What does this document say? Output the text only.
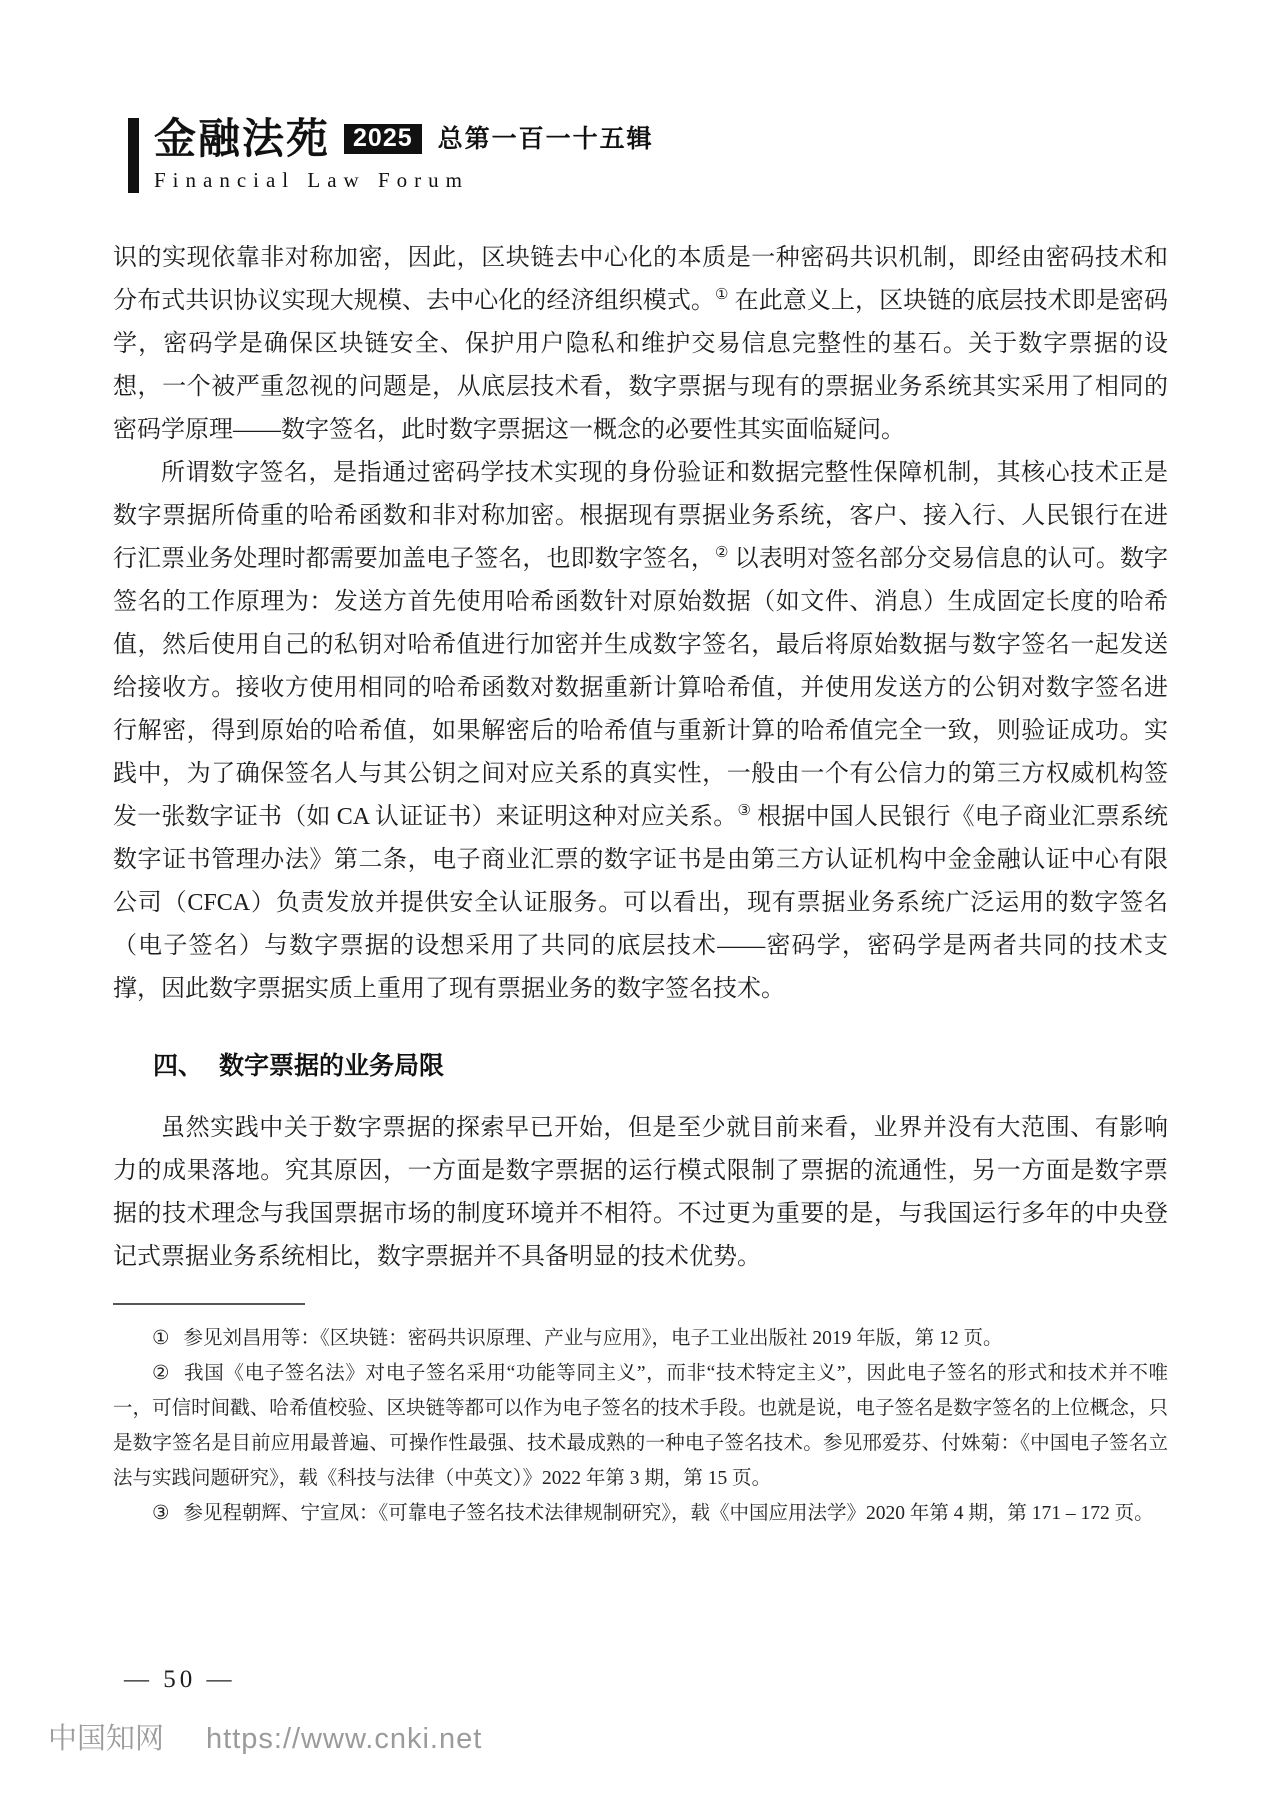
金融法苑 2025	总第一百一十五辑
Financial Law Forum

识的实现依靠非对称加密，因此，区块链去中心化的本质是一种密码共识机制，即经由密码技术和分布式共识协议实现大规模、去中心化的经济组织模式。① 在此意义上，区块链的底层技术即是密码学，密码学是确保区块链安全、保护用户隐私和维护交易信息完整性的基石。关于数字票据的设想，一个被严重忽视的问题是，从底层技术看，数字票据与现有的票据业务系统其实采用了相同的密码学原理——数字签名，此时数字票据这一概念的必要性其实面临疑问。

所谓数字签名，是指通过密码学技术实现的身份验证和数据完整性保障机制，其核心技术正是数字票据所倚重的哈希函数和非对称加密。根据现有票据业务系统，客户、接入行、人民银行在进行汇票业务处理时都需要加盖电子签名，也即数字签名，② 以表明对签名部分交易信息的认可。数字签名的工作原理为：发送方首先使用哈希函数针对原始数据（如文件、消息）生成固定长度的哈希值，然后使用自己的私钥对哈希值进行加密并生成数字签名，最后将原始数据与数字签名一起发送给接收方。接收方使用相同的哈希函数对数据重新计算哈希值，并使用发送方的公钥对数字签名进行解密，得到原始的哈希值，如果解密后的哈希值与重新计算的哈希值完全一致，则验证成功。实践中，为了确保签名人与其公钥之间对应关系的真实性，一般由一个有公信力的第三方权威机构签发一张数字证书（如 CA 认证证书）来证明这种对应关系。③ 根据中国人民银行《电子商业汇票系统数字证书管理办法》第二条，电子商业汇票的数字证书是由第三方认证机构中金金融认证中心有限公司（CFCA）负责发放并提供安全认证服务。可以看出，现有票据业务系统广泛运用的数字签名（电子签名）与数字票据的设想采用了共同的底层技术——密码学，密码学是两者共同的技术支撑，因此数字票据实质上重用了现有票据业务的数字签名技术。

四、 数字票据的业务局限

虽然实践中关于数字票据的探索早已开始，但是至少就目前来看，业界并没有大范围、有影响力的成果落地。究其原因，一方面是数字票据的运行模式限制了票据的流通性，另一方面是数字票据的技术理念与我国票据市场的制度环境并不相符。不过更为重要的是，与我国运行多年的中央登记式票据业务系统相比，数字票据并不具备明显的技术优势。

① 参见刘昌用等：《区块链：密码共识原理、产业与应用》，电子工业出版社 2019 年版，第 12 页。

② 我国《电子签名法》对电子签名采用“功能等同主义”，而非“技术特定主义”，因此电子签名的形式和技术并不唯一，可信时间戳、哈希值校验、区块链等都可以作为电子签名的技术手段。也就是说，电子签名是数字签名的上位概念，只是数字签名是目前应用最普遍、可操作性最强、技术最成熟的一种电子签名技术。参见邢爱芬、付姝菊：《中国电子签名立法与实践问题研究》，载《科技与法律（中英文）》2022 年第 3 期，第 15 页。

③ 参见程朝辉、宁宣凤：《可靠电子签名技术法律规制研究》，载《中国应用法学》2020 年第 4 期，第 171 – 172 页。

— 50 —
中国知网 https://www.cnki.net
